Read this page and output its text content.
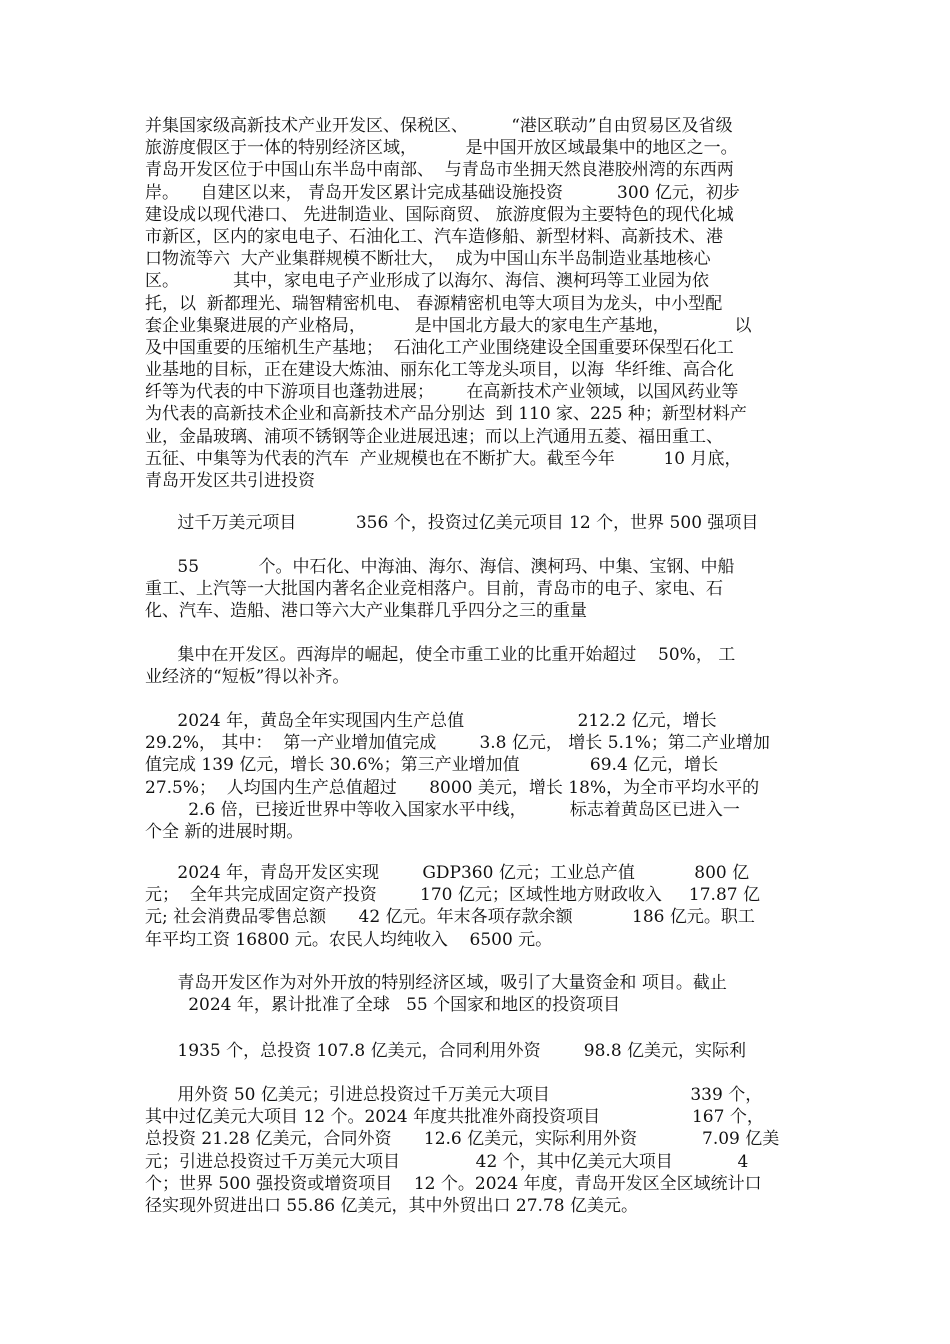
并集国家级高新技术产业开发区、保税区、        “港区联动”自由贸易区及省级
旅游度假区于一体的特别经济区域，         是中国开放区域最集中的地区之一。
青岛开发区位于中国山东半岛中南部、  与青岛市坐拥天然良港胶州湾的东西两
岸。    自建区以来， 青岛开发区累计完成基础设施投资          300 亿元，初步
建设成以现代港口、 先进制造业、国际商贸、 旅游度假为主要特色的现代化城
市新区，区内的家电电子、石油化工、汽车造修船、新型材料、高新技术、港
口物流等六  大产业集群规模不断壮大，  成为中国山东半岛制造业基地核心
区。          其中，家电电子产业形成了以海尔、海信、澳柯玛等工业园为依
托，以  新都理光、瑞智精密机电、 春源精密机电等大项目为龙头，中小型配
套企业集聚进展的产业格局，         是中国北方最大的家电生产基地，            以
及中国重要的压缩机生产基地；  石油化工产业围绕建设全国重要环保型石化工
业基地的目标，正在建设大炼油、丽东化工等龙头项目，以海  华纤维、高合化
纤等为代表的中下游项目也蓬勃进展；      在高新技术产业领域，以国风药业等
为代表的高新技术企业和高新技术产品分别达  到 110 家、225 种；新型材料产
业，金晶玻璃、浦项不锈钢等企业进展迅速；而以上汽通用五菱、福田重工、
五征、中集等为代表的汽车  产业规模也在不断扩大。截至今年         10 月底，
青岛开发区共引进投资
过千万美元项目           356 个，投资过亿美元项目 12 个，世界 500 强项目
55           个。中石化、中海油、海尔、海信、澳柯玛、中集、宝钢、中船
重工、上汽等一大批国内著名企业竞相落户。目前，青岛市的电子、家电、石
化、汽车、造船、港口等六大产业集群几乎四分之三的重量
集中在开发区。西海岸的崛起，使全市重工业的比重开始超过    50%， 工
业经济的“短板”得以补齐。
2024 年，黄岛全年实现国内生产总值                     212.2 亿元，增长
29.2%， 其中：  第一产业增加值完成        3.8 亿元， 增长 5.1%；第二产业增加
值完成 139 亿元，增长 30.6%；第三产业增加值             69.4 亿元，增长
27.5%；  人均国内生产总值超过      8000 美元，增长 18%，为全市平均水平的
2.6 倍，已接近世界中等收入国家水平中线，        标志着黄岛区已进入一
个全 新的进展时期。
2024 年，青岛开发区实现        GDP360 亿元；工业总产值           800 亿
元；  全年共完成固定资产投资        170 亿元；区域性地方财政收入     17.87 亿
元; 社会消费品零售总额      42 亿元。年末各项存款余额           186 亿元。职工
年平均工资 16800 元。农民人均纯收入    6500 元。
青岛开发区作为对外开放的特别经济区域，吸引了大量资金和 项目。截止
2024 年，累计批准了全球   55 个国家和地区的投资项目
1935 个，总投资 107.8 亿美元，合同利用外资        98.8 亿美元，实际利
用外资 50 亿美元；引进总投资过千万美元大项目                          339 个，
其中过亿美元大项目 12 个。2024 年度共批准外商投资项目                 167 个，
总投资 21.28 亿美元，合同外资      12.6 亿美元，实际利用外资            7.09 亿美
元；引进总投资过千万美元大项目              42 个，其中亿美元大项目            4
个；世界 500 强投资或增资项目    12 个。2024 年度，青岛开发区全区域统计口
径实现外贸进出口 55.86 亿美元，其中外贸出口 27.78 亿美元。
